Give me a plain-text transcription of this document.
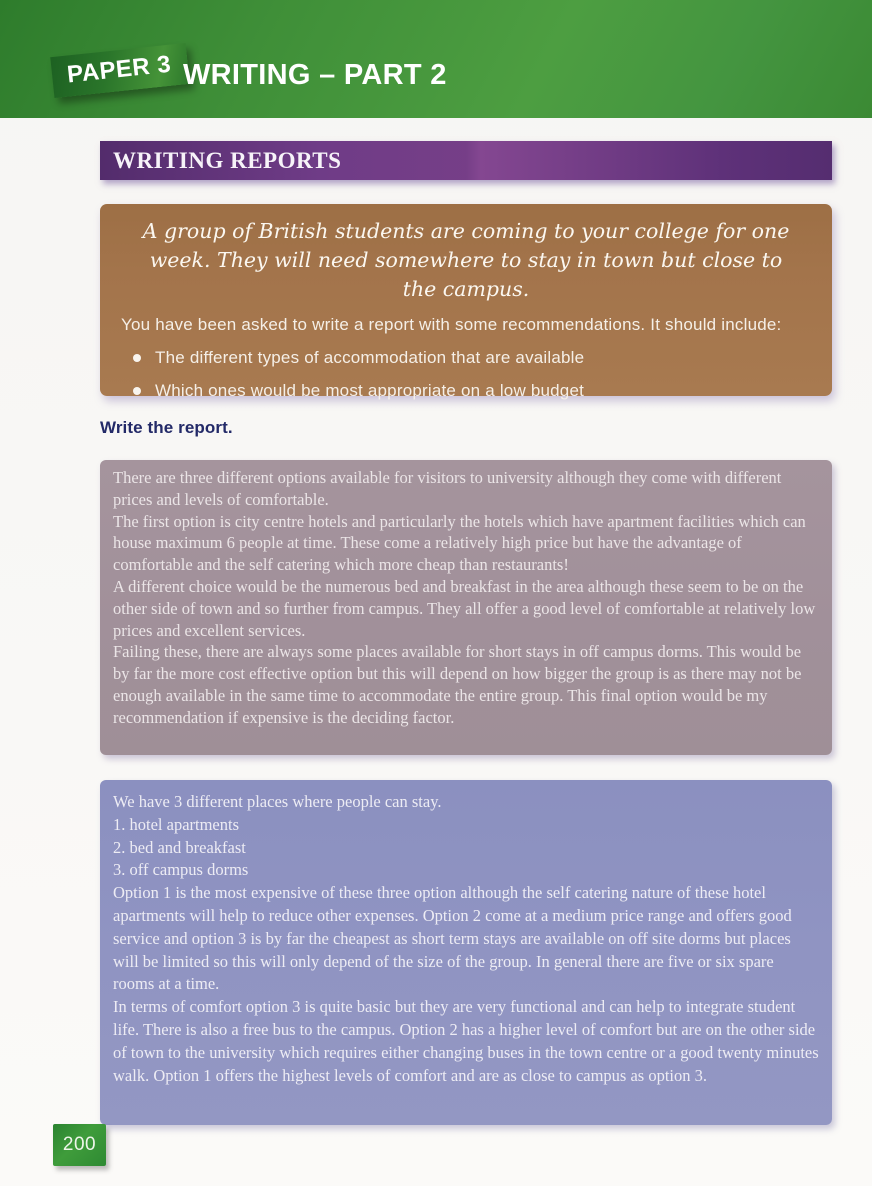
PAPER 3 WRITING – PART 2
WRITING REPORTS
A group of British students are coming to your college for one week. They will need somewhere to stay in town but close to the campus.
You have been asked to write a report with some recommendations. It should include:
The different types of accommodation that are available
Which ones would be most appropriate on a low budget
Write the report.

There are three different options available for visitors to university although they come with different prices and levels of comfortable.

The first option is city centre hotels and particularly the hotels which have apartment facilities which can house maximum 6 people at time. These come a relatively high price but have the advantage of comfortable and the self catering which more cheap than restaurants!

A different choice would be the numerous bed and breakfast in the area although these seem to be on the other side of town and so further from campus. They all offer a good level of comfortable at relatively low prices and excellent services.

Failing these, there are always some places available for short stays in off campus dorms. This would be by far the more cost effective option but this will depend on how bigger the group is as there may not be enough available in the same time to accommodate the entire group. This final option would be my recommendation if expensive is the deciding factor.

We have 3 different places where people can stay.

1. hotel apartments

2. bed and breakfast

3. off campus dorms

Option 1 is the most expensive of these three option although the self catering nature of these hotel apartments will help to reduce other expenses. Option 2 come at a medium price range and offers good service and option 3 is by far the cheapest as short term stays are available on off site dorms but places will be limited so this will only depend of the size of the group. In general there are five or six spare rooms at a time.

In terms of comfort option 3 is quite basic but they are very functional and can help to integrate student life. There is also a free bus to the campus. Option 2 has a higher level of comfort but are on the other side of town to the university which requires either changing buses in the town centre or a good twenty minutes walk. Option 1 offers the highest levels of comfort and are as close to campus as option 3.

200
